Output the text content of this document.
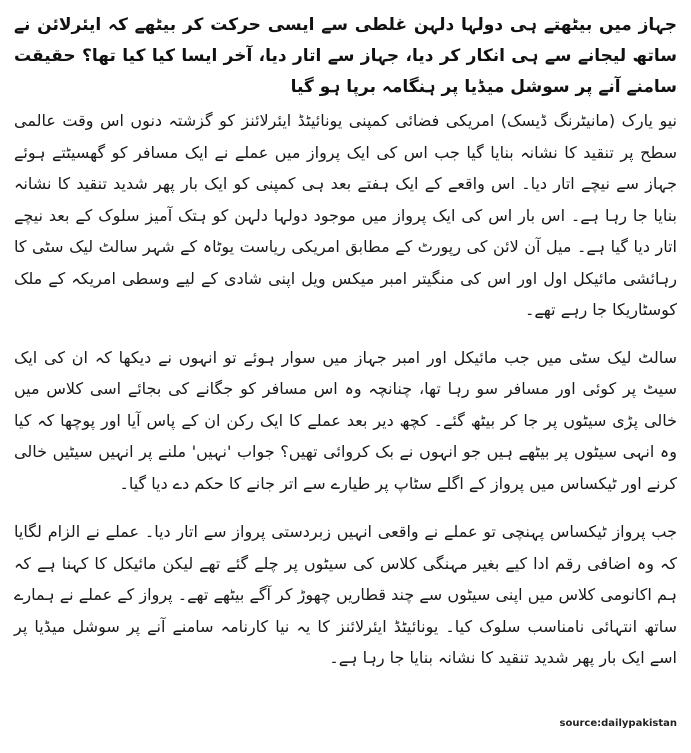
جہاز میں بیٹھتے ہی دولہا دلہن غلطی سے ایسی حرکت کر بیٹھے کہ ایئرلائن نے ساتھ لیجانے سے ہی انکار کر دیا، جہاز سے اتار دیا، آخر ایسا کیا کیا تھا؟ حقیقت سامنے آنے پر سوشل میڈیا پر ہنگامہ برپا ہو گیا

نیو یارک (مانیٹرنگ ڈیسک) امریکی فضائی کمپنی یونائیٹڈ ایئرلائنز کو گزشتہ دنوں اس وقت عالمی سطح پر تنقید کا نشانہ بنایا گیا جب اس کی ایک پرواز میں عملے نے ایک مسافر کو گھسیٹتے ہوئے جہاز سے نیچے اتار دیا۔ اس واقعے کے ایک ہفتے بعد ہی کمپنی کو ایک بار پھر شدید تنقید کا نشانہ بنایا جا رہا ہے۔ اس بار اس کی ایک پرواز میں موجود دولہا دلہن کو ہتک آمیز سلوک کے بعد نیچے اتار دیا گیا ہے۔ میل آن لائن کی رپورٹ کے مطابق امریکی ریاست یوٹاہ کے شہر سالٹ لیک سٹی کا رہائشی مائیکل اول اور اس کی منگیتر امبر میکس ویل اپنی شادی کے لیے وسطی امریکہ کے ملک کوسٹاریکا جا رہے تھے۔

سالٹ لیک سٹی میں جب مائیکل اور امبر جہاز میں سوار ہوئے تو انہوں نے دیکھا کہ ان کی ایک سیٹ پر کوئی اور مسافر سو رہا تھا، چنانچہ وہ اس مسافر کو جگانے کی بجائے اسی کلاس میں خالی پڑی سیٹوں پر جا کر بیٹھ گئے۔ کچھ دیر بعد عملے کا ایک رکن ان کے پاس آیا اور پوچھا کہ کیا وہ انہی سیٹوں پر بیٹھے ہیں جو انہوں نے بک کروائی تھیں؟ جواب 'نہیں' ملنے پر انہیں سیٹیں خالی کرنے اور ٹیکساس میں پرواز کے اگلے سٹاپ پر طیارے سے اتر جانے کا حکم دے دیا گیا۔

جب پرواز ٹیکساس پہنچی تو عملے نے واقعی انہیں زبردستی پرواز سے اتار دیا۔ عملے نے الزام لگایا کہ وہ اضافی رقم ادا کیے بغیر مہنگی کلاس کی سیٹوں پر چلے گئے تھے لیکن مائیکل کا کہنا ہے کہ ہم اکانومی کلاس میں اپنی سیٹوں سے چند قطاریں چھوڑ کر آگے بیٹھے تھے۔ پرواز کے عملے نے ہمارے ساتھ انتہائی نامناسب سلوک کیا۔ یونائیٹڈ ایئرلائنز کا یہ نیا کارنامہ سامنے آنے پر سوشل میڈیا پر اسے ایک بار پھر شدید تنقید کا نشانہ بنایا جا رہا ہے۔

source:dailypakistan
